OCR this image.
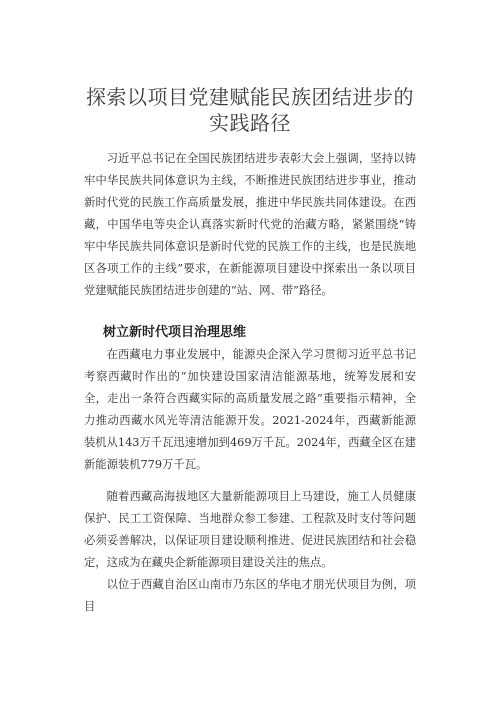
探索以项目党建赋能民族团结进步的
实践路径

习近平总书记在全国民族团结进步表彰大会上强调，坚持以铸牢中华民族共同体意识为主线，不断推进民族团结进步事业，推动新时代党的民族工作高质量发展，推进中华民族共同体建设。在西藏，中国华电等央企认真落实新时代党的治藏方略，紧紧围绕“铸牢中华民族共同体意识是新时代党的民族工作的主线，也是民族地区各项工作的主线”要求，在新能源项目建设中探索出一条以项目党建赋能民族团结进步创建的“站、网、带”路径。

树立新时代项目治理思维

在西藏电力事业发展中，能源央企深入学习贯彻习近平总书记考察西藏时作出的“加快建设国家清洁能源基地，统筹发展和安全，走出一条符合西藏实际的高质量发展之路”重要指示精神，全力推动西藏水风光等清洁能源开发。2021-2024年，西藏新能源装机从143万千瓦迅速增加到469万千瓦。2024年，西藏全区在建新能源装机779万千瓦。

随着西藏高海拔地区大量新能源项目上马建设，施工人员健康保护、民工工资保障、当地群众参工参建、工程款及时支付等问题必须妥善解决，以保证项目建设顺利推进、促进民族团结和社会稳定，这成为在藏央企新能源项目建设关注的焦点。

以位于西藏自治区山南市乃东区的华电才朋光伏项目为例，项目
